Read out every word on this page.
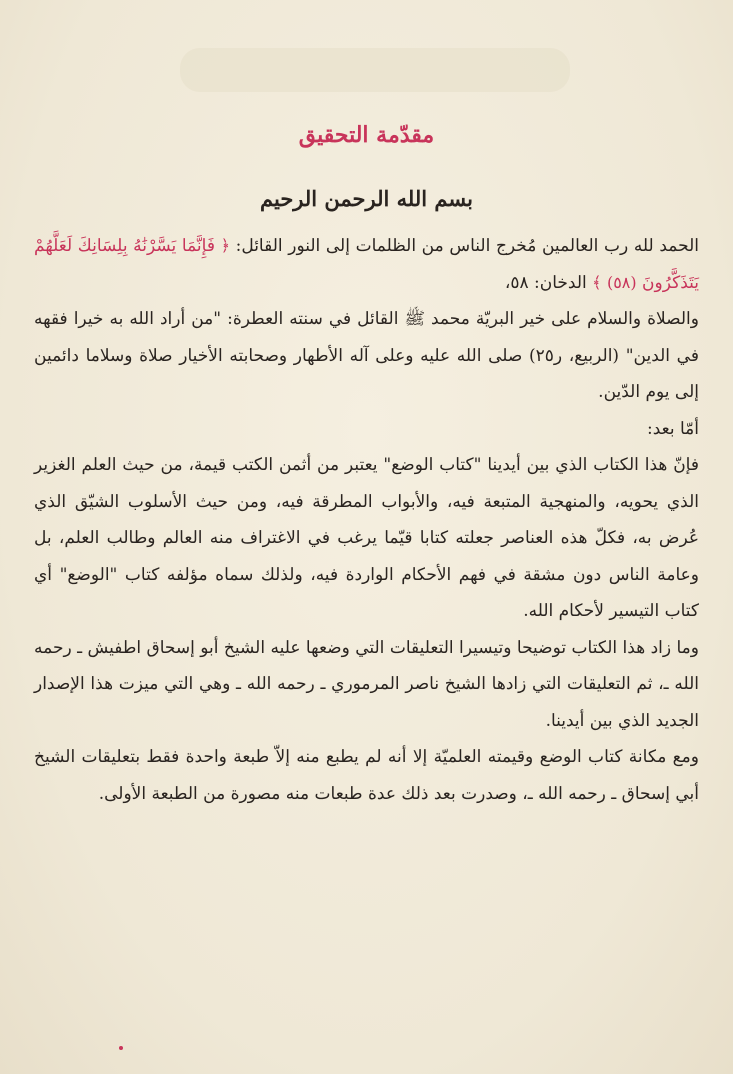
مقدّمة التحقيق
بسم الله الرحمن الرحيم

الحمد لله رب العالمين مُخرج الناس من الظلمات إلى النور القائل: ﴿ فَإِنَّمَا يَسَّرْنَٰهُ بِلِسَانِكَ لَعَلَّهُمْ يَتَذَكَّرُونَ (٥٨) ﴾ الدخان: ٥٨،

والصلاة والسلام على خير البريّة محمد ﷺ القائل في سنته العطرة: "من أراد الله به خيرا فقهه في الدين" (الربيع، ر٢٥) صلى الله عليه وعلى آله الأطهار وصحابته الأخيار صلاة وسلاما دائمين إلى يوم الدّين.

أمّا بعد:

فإنّ هذا الكتاب الذي بين أيدينا "كتاب الوضع" يعتبر من أثمن الكتب قيمة، من حيث العلم الغزير الذي يحويه، والمنهجية المتبعة فيه، والأبواب المطرقة فيه، ومن حيث الأسلوب الشيّق الذي عُرض به، فكلّ هذه العناصر جعلته كتابا قيّما يرغب في الاغتراف منه العالم وطالب العلم، بل وعامة الناس دون مشقة في فهم الأحكام الواردة فيه، ولذلك سماه مؤلفه كتاب "الوضع" أي كتاب التيسير لأحكام الله.

وما زاد هذا الكتاب توضيحا وتيسيرا التعليقات التي وضعها عليه الشيخ أبو إسحاق اطفيش ـ رحمه الله ـ، ثم التعليقات التي زادها الشيخ ناصر المرموري ـ رحمه الله ـ وهي التي ميزت هذا الإصدار الجديد الذي بين أيدينا.

ومع مكانة كتاب الوضع وقيمته العلميّة إلا أنه لم يطبع منه إلاّ طبعة واحدة فقط بتعليقات الشيخ أبي إسحاق ـ رحمه الله ـ، وصدرت بعد ذلك عدة طبعات منه مصورة من الطبعة الأولى.
